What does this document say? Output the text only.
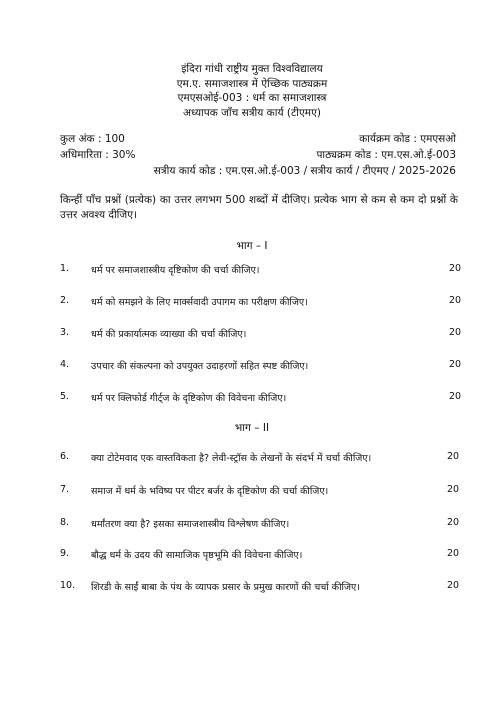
इंदिरा गांधी राष्ट्रीय मुक्त विश्वविद्यालय
एम.ए. समाजशास्त्र में ऐच्छिक पाठ्यक्रम
एमएसओई-003 : धर्म का समाजशास्त्र
अध्यापक जाँच सत्रीय कार्य (टीएमए)
कुल अंक : 100	कार्यक्रम कोड : एमएसओ
अधिमारिता : 30%	पाठ्यक्रम कोड : एम.एस.ओ.ई-003
सत्रीय कार्य कोड : एम.एस.ओ.ई-003 / सत्रीय कार्य / टीएमए / 2025-2026
किन्हीं पाँच प्रश्नों (प्रत्येक) का उत्तर लगभग 500 शब्दों में दीजिए। प्रत्येक भाग से कम से कम दो प्रश्नों के उत्तर अवश्य दीजिए।
भाग – I
1. धर्म पर समाजशास्त्रीय दृष्टिकोण की चर्चा कीजिए।	20
2. धर्म को समझने के लिए मार्क्सवादी उपागम का परीक्षण कीजिए।	20
3. धर्म की प्रकार्यात्मक व्याख्या की चर्चा कीजिए।	20
4. उपचार की संकल्पना को उपयुक्त उदाहरणों सहित स्पष्ट कीजिए।	20
5. धर्म पर क्लिफोर्ड गीर्ट्ज के दृष्टिकोण की विवेचना कीजिए।	20
भाग – II
6. क्या टोटेमवाद एक वास्तविकता है? लेवी-स्ट्रॉस के लेखनों के संदर्भ में चर्चा कीजिए।	20
7. समाज में धर्म के भविष्य पर पीटर बर्जर के दृष्टिकोण की चर्चा कीजिए।	20
8. धर्मांतरण क्या है? इसका समाजशास्त्रीय विश्लेषण कीजिए।	20
9. बौद्ध धर्म के उदय की सामाजिक पृष्ठभूमि की विवेचना कीजिए।	20
10. शिरडी के साईं बाबा के पंथ के व्यापक प्रसार के प्रमुख कारणों की चर्चा कीजिए।	20
